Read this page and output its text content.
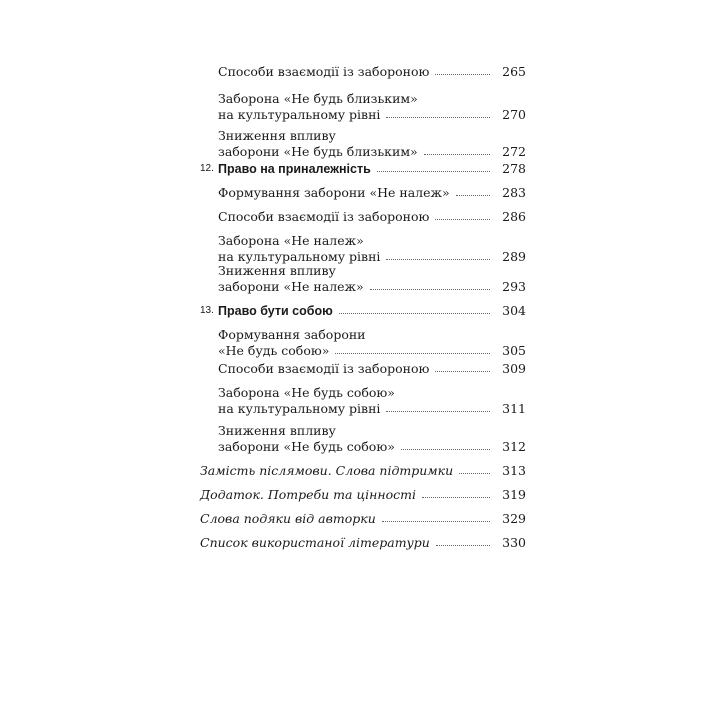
Способи взаємодії із забороною	265
Заборона «Не будь близьким»
на культуральному рівні	270
Зниження впливу
заборони «Не будь близьким»	272
12. Право на приналежність	278
Формування заборони «Не належ»	283
Способи взаємодії із забороною	286
Заборона «Не належ»
на культуральному рівні	289
Зниження впливу
заборони «Не належ»	293
13. Право бути собою	304
Формування заборони
«Не будь собою»	305
Способи взаємодії із забороною	309
Заборона «Не будь собою»
на культуральному рівні	311
Зниження впливу
заборони «Не будь собою»	312
Замість післямови. Слова підтримки	313
Додаток. Потреби та цінності	319
Слова подяки від авторки	329
Список використаної літератури	330
